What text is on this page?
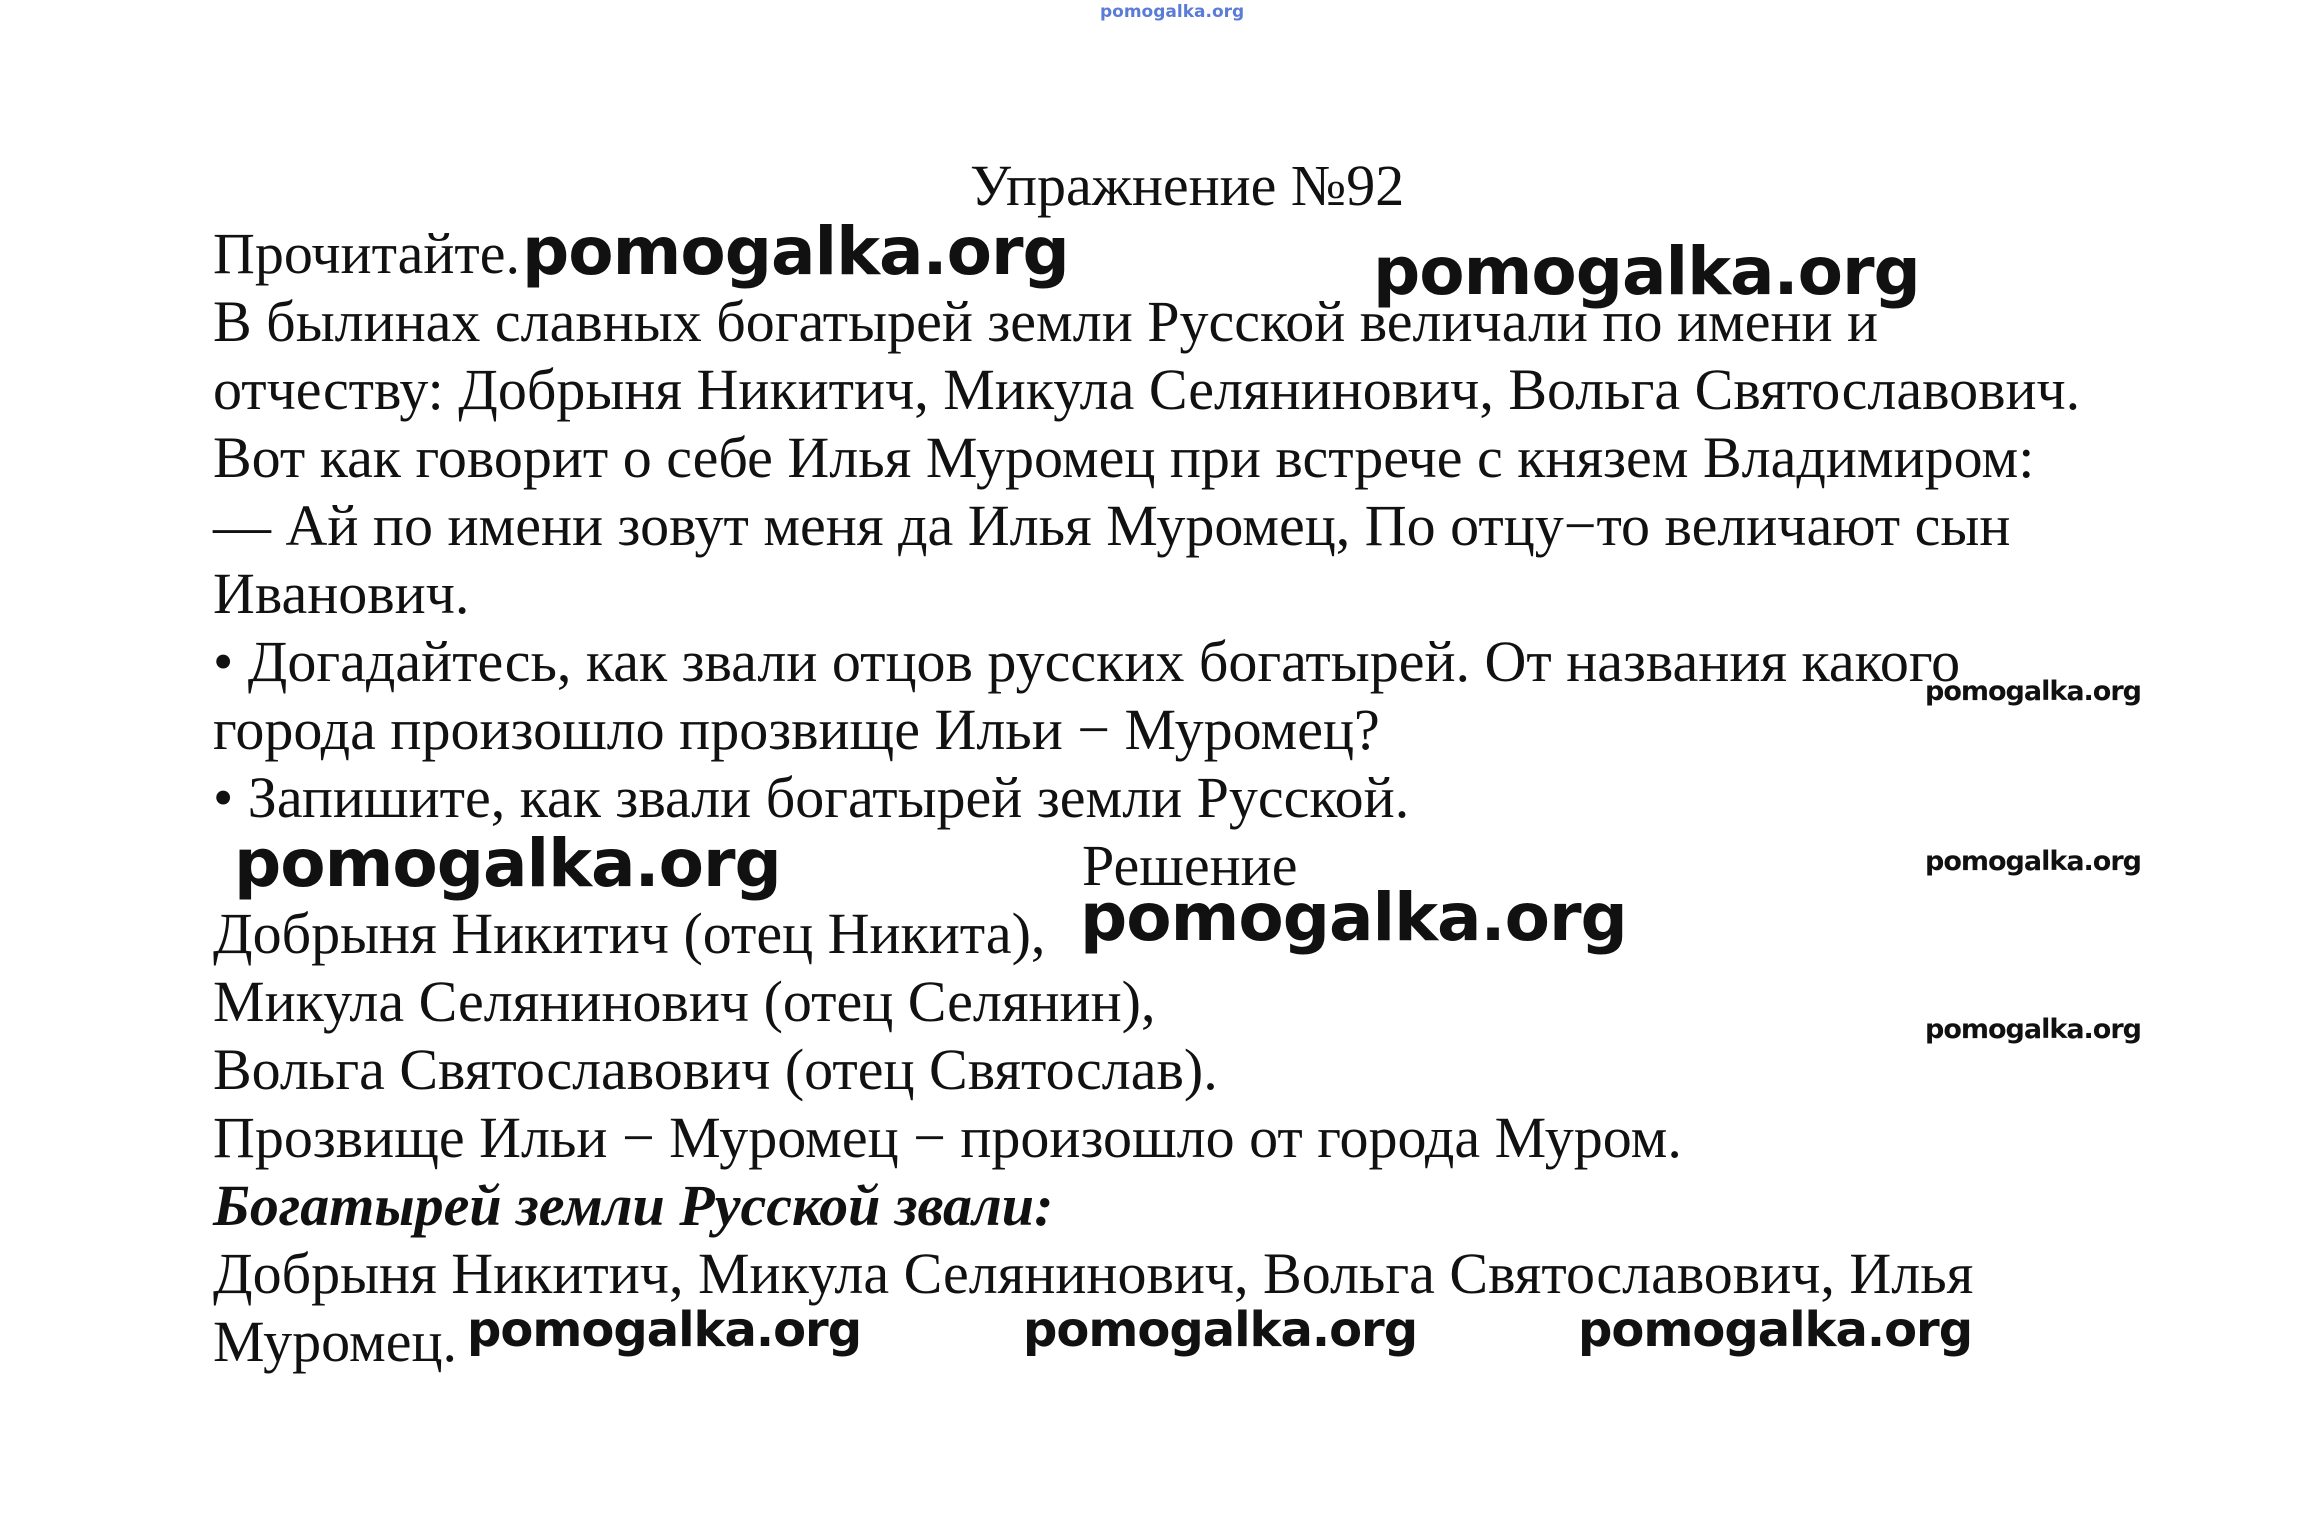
pomogalka.org
Упражнение №92
Прочитайте.
В былинах славных богатырей земли Русской величали по имени и
отчеству: Добрыня Никитич, Микула Селянинович, Вольга Святославович.
Вот как говорит о себе Илья Муромец при встрече с князем Владимиром:
— Ай по имени зовут меня да Илья Муромец, По отцу−то величают сын
Иванович.
• Догадайтесь, как звали отцов русских богатырей. От названия какого
города произошло прозвище Ильи − Муромец?
• Запишите, как звали богатырей земли Русской.
Решение
Добрыня Никитич (отец Никита),
Микула Селянинович (отец Селянин),
Вольга Святославович (отец Святослав).
Прозвище Ильи − Муромец − произошло от города Муром.
Богатырей земли Русской звали:
Добрыня Никитич, Микула Селянинович, Вольга Святославович, Илья
Муромец.
pomogalka.org	pomogalka.org
pomogalka.org
pomogalka.org	pomogalka.org
pomogalka.org
pomogalka.org
pomogalka.org	pomogalka.org	pomogalka.org
